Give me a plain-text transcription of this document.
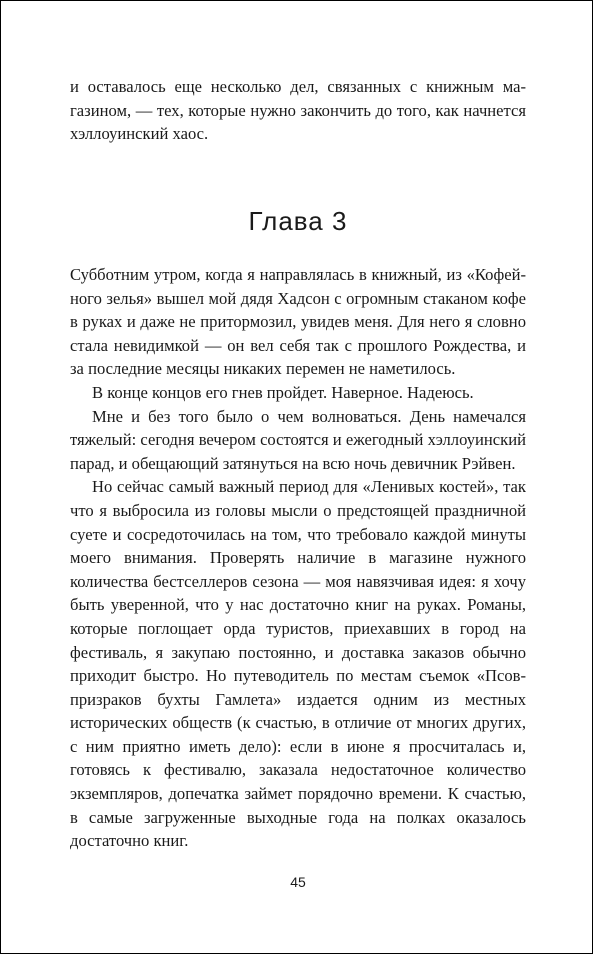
и оставалось еще несколько дел, связанных с книжным магазином, — тех, которые нужно закончить до того, как начнется хэллоуинский хаос.

Глава 3

Субботним утром, когда я направлялась в книжный, из «Кофейного зелья» вышел мой дядя Хадсон с огромным стаканом кофе в руках и даже не притормозил, увидев меня. Для него я словно стала невидимкой — он вел себя так с прошлого Рождества, и за последние месяцы никаких перемен не наметилось.

В конце концов его гнев пройдет. Наверное. Надеюсь.

Мне и без того было о чем волноваться. День намечался тяжелый: сегодня вечером состоятся и ежегодный хэллоуинский парад, и обещающий затянуться на всю ночь девичник Рэйвен.

Но сейчас самый важный период для «Ленивых костей», так что я выбросила из головы мысли о предстоящей праздничной суете и сосредоточилась на том, что требовало каждой минуты моего внимания. Проверять наличие в магазине нужного количества бестселлеров сезона — моя навязчивая идея: я хочу быть уверенной, что у нас достаточно книг на руках. Романы, которые поглощает орда туристов, приехавших в город на фестиваль, я закупаю постоянно, и доставка заказов обычно приходит быстро. Но путеводитель по местам съемок «Псов-призраков бухты Гамлета» издается одним из местных исторических обществ (к счастью, в отличие от многих других, с ним приятно иметь дело): если в июне я просчиталась и, готовясь к фестивалю, заказала недостаточное количество экземпляров, допечатка займет порядочно времени. К счастью, в самые загруженные выходные года на полках оказалось достаточно книг.

45
